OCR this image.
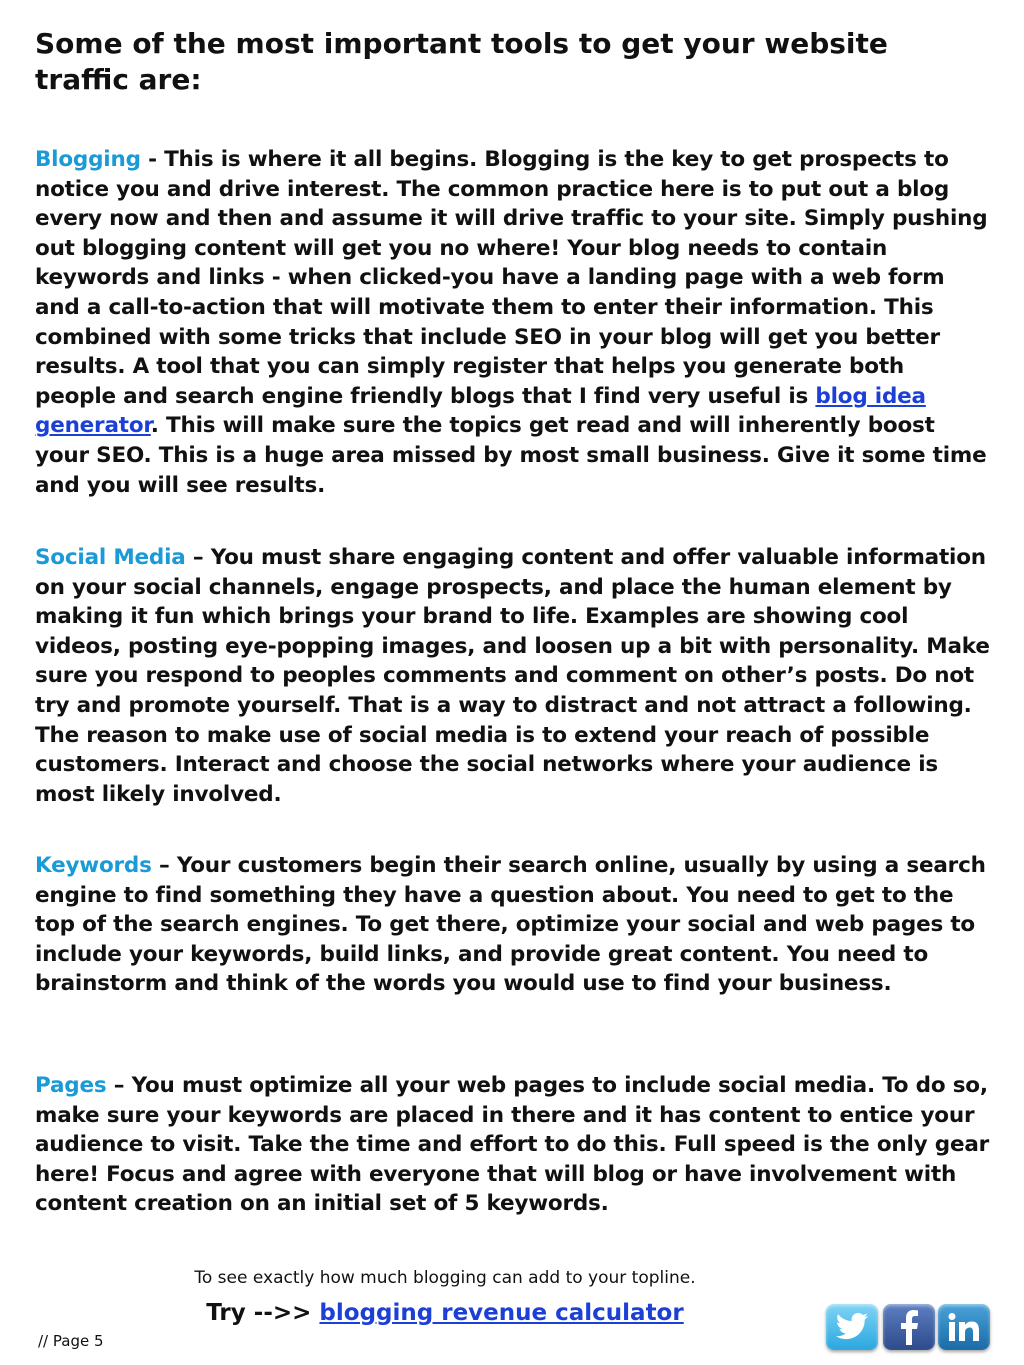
Some of the most important tools to get your website traffic are:

Blogging - This is where it all begins. Blogging is the key to get prospects to notice you and drive interest. The common practice here is to put out a blog every now and then and assume it will drive traffic to your site. Simply pushing out blogging content will get you no where! Your blog needs to contain keywords and links - when clicked-you have a landing page with a web form and a call-to-action that will motivate them to enter their information. This combined with some tricks that include SEO in your blog will get you better results. A tool that you can simply register that helps you generate both people and search engine friendly blogs that I find very useful is blog idea generator. This will make sure the topics get read and will inherently boost your SEO. This is a huge area missed by most small business. Give it some time and you will see results.

Social Media – You must share engaging content and offer valuable information on your social channels, engage prospects, and place the human element by making it fun which brings your brand to life. Examples are showing cool videos, posting eye-popping images, and loosen up a bit with personality. Make sure you respond to peoples comments and comment on other’s posts. Do not try and promote yourself. That is a way to distract and not attract a following. The reason to make use of social media is to extend your reach of possible customers. Interact and choose the social networks where your audience is most likely involved.

Keywords – Your customers begin their search online, usually by using a search engine to find something they have a question about. You need to get to the top of the search engines. To get there, optimize your social and web pages to include your keywords, build links, and provide great content. You need to brainstorm and think of the words you would use to find your business.

Pages – You must optimize all your web pages to include social media. To do so, make sure your keywords are placed in there and it has content to entice your audience to visit. Take the time and effort to do this. Full speed is the only gear here! Focus and agree with everyone that will blog or have involvement with content creation on an initial set of 5 keywords.

To see exactly how much blogging can add to your topline.

Try -->> blogging revenue calculator

// Page 5
